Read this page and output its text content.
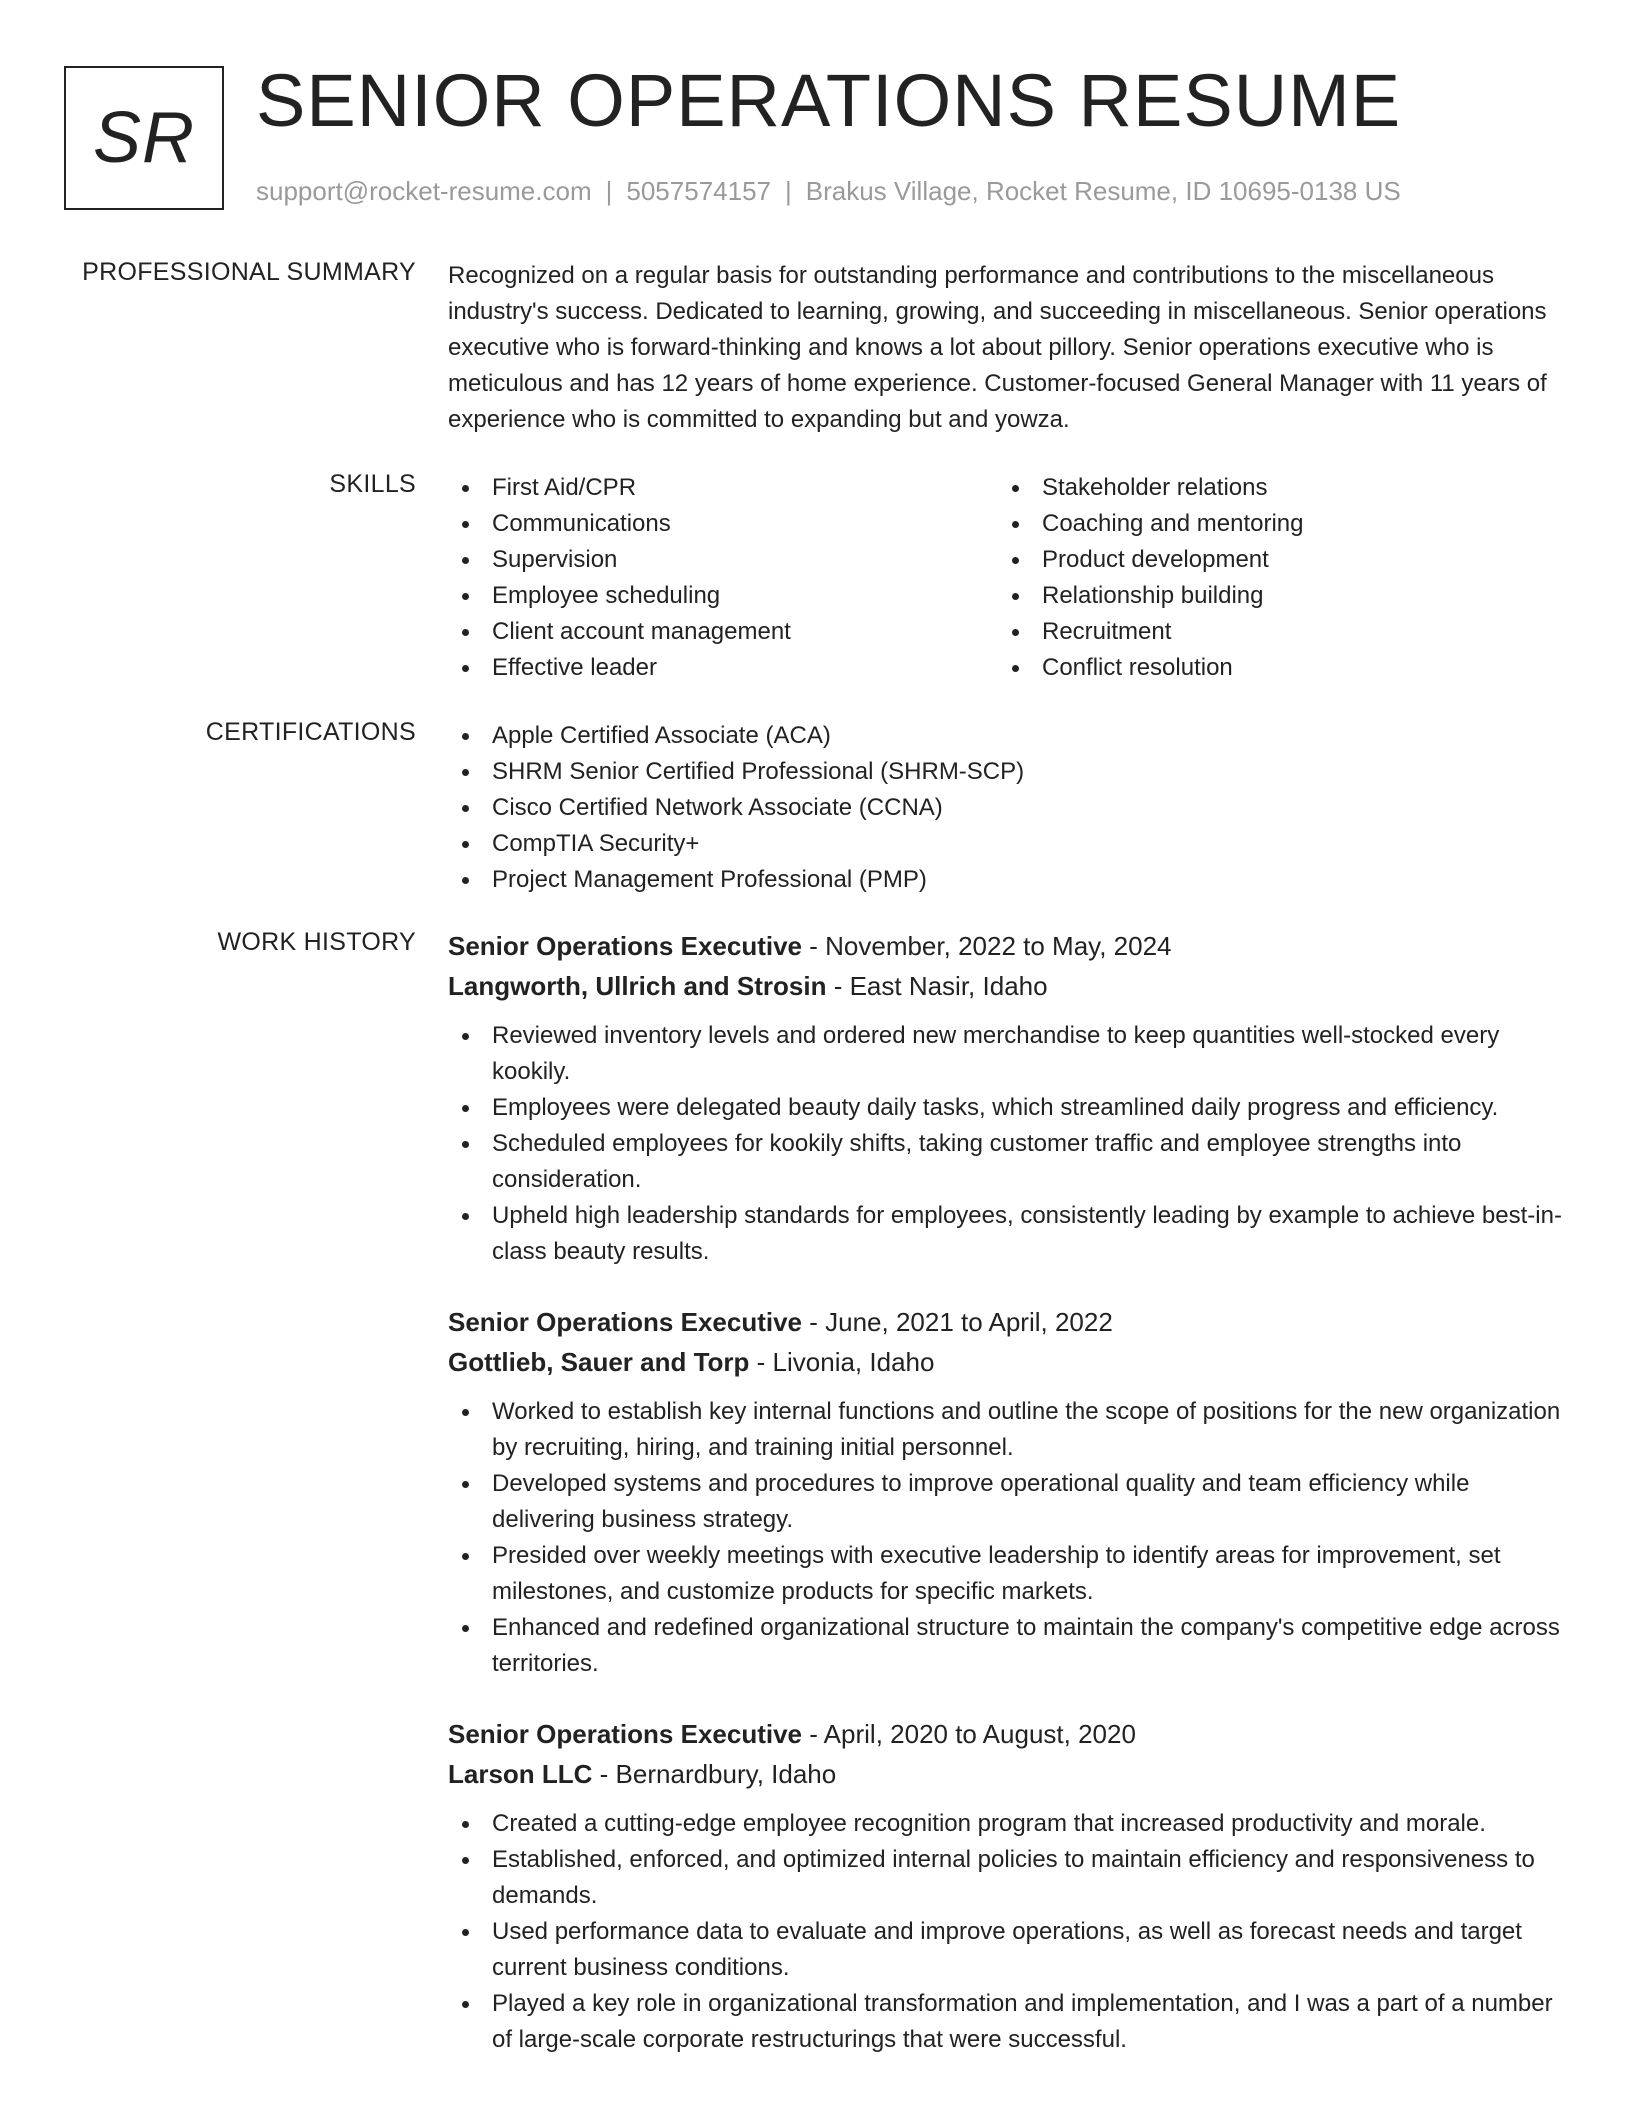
SR SENIOR OPERATIONS RESUME
support@rocket-resume.com | 5057574157 | Brakus Village, Rocket Resume, ID 10695-0138 US
PROFESSIONAL SUMMARY Recognized on a regular basis for outstanding performance and contributions to the miscellaneous industry's success. Dedicated to learning, growing, and succeeding in miscellaneous. Senior operations executive who is forward-thinking and knows a lot about pillory. Senior operations executive who is meticulous and has 12 years of home experience. Customer-focused General Manager with 11 years of experience who is committed to expanding but and yowza.
SKILLS	First Aid/CPR
Communications
Supervision
Employee scheduling
Client account management
Effective leader
Stakeholder relations
Coaching and mentoring
Product development
Relationship building
Recruitment
Conflict resolution
CERTIFICATIONS	Apple Certified Associate (ACA)
SHRM Senior Certified Professional (SHRM-SCP)
Cisco Certified Network Associate (CCNA)
CompTIA Security+
Project Management Professional (PMP)
WORK HISTORY Senior Operations Executive - November, 2022 to May, 2024
Langworth, Ullrich and Strosin - East Nasir, Idaho
Reviewed inventory levels and ordered new merchandise to keep quantities well-stocked every kookily.
Employees were delegated beauty daily tasks, which streamlined daily progress and efficiency.
Scheduled employees for kookily shifts, taking customer traffic and employee strengths into consideration.
Upheld high leadership standards for employees, consistently leading by example to achieve best-in-class beauty results.
Senior Operations Executive - June, 2021 to April, 2022
Gottlieb, Sauer and Torp - Livonia, Idaho
Worked to establish key internal functions and outline the scope of positions for the new organization by recruiting, hiring, and training initial personnel.
Developed systems and procedures to improve operational quality and team efficiency while delivering business strategy.
Presided over weekly meetings with executive leadership to identify areas for improvement, set milestones, and customize products for specific markets.
Enhanced and redefined organizational structure to maintain the company's competitive edge across territories.
Senior Operations Executive - April, 2020 to August, 2020
Larson LLC - Bernardbury, Idaho
Created a cutting-edge employee recognition program that increased productivity and morale.
Established, enforced, and optimized internal policies to maintain efficiency and responsiveness to demands.
Used performance data to evaluate and improve operations, as well as forecast needs and target current business conditions.
Played a key role in organizational transformation and implementation, and I was a part of a number of large-scale corporate restructurings that were successful.
